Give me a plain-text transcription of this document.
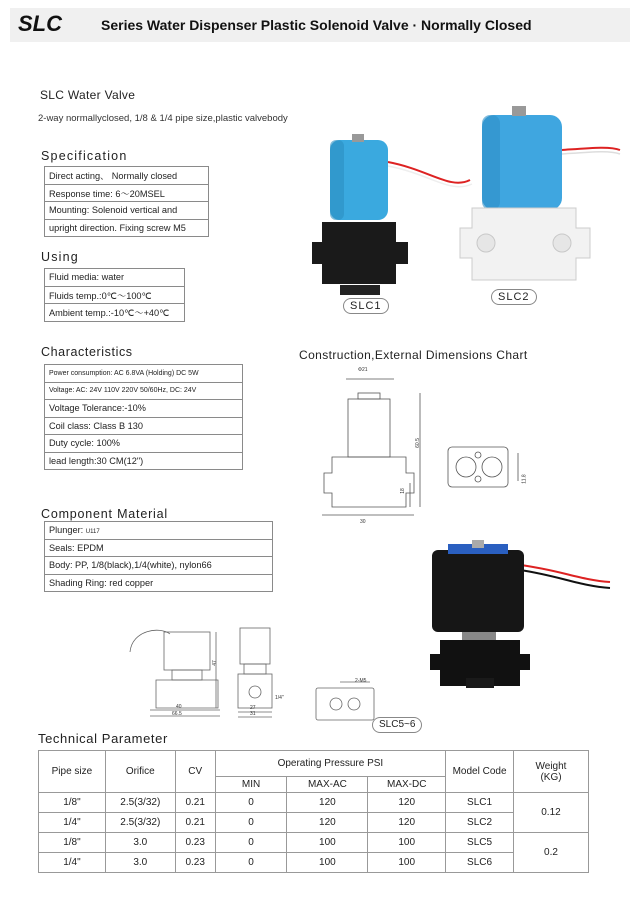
SLC	Series Water Dispenser Plastic Solenoid Valve · Normally Closed
SLC Water Valve
2-way normallyclosed, 1/8 & 1/4 pipe size,plastic valvebody
Specification
Direct acting、 Normally closed
Response time: 6～20MSEL
Mounting: Solenoid vertical and
upright direction. Fixing screw M5
Using
Fluid media: water
Fluids temp.:0℃～100℃
Ambient temp.:-10℃～+40℃
Characteristics
Power consumption: AC 6.8VA (Holding) DC 5W
Voltage: AC: 24V 110V 220V 50/60Hz, DC: 24V
Voltage Tolerance:-10%
Coil class: Class B 130
Duty cycle: 100%
lead length:30 CM(12")
Component Material
Plunger: U117
Seals: EPDM
Body: PP, 1/8(black),1/4(white), nylon66
Shading Ring: red copper
SLC1
SLC2
Construction,External Dimensions Chart
Φ21
60.5
18
30
11.8
40
66.5
47
27
31
1/4"
2-M5
SLC5~6
Technical Parameter
Pipe size	Orifice	CV	Operating Pressure PSI			Model Code	Weight (KG)
			MIN	MAX-AC	MAX-DC		
1/8"	2.5(3/32)	0.21	0	120	120	SLC1	0.12
1/4"	2.5(3/32)	0.21	0	120	120	SLC2	
1/8"	3.0	0.23	0	100	100	SLC5	0.2
1/4"	3.0	0.23	0	100	100	SLC6	
